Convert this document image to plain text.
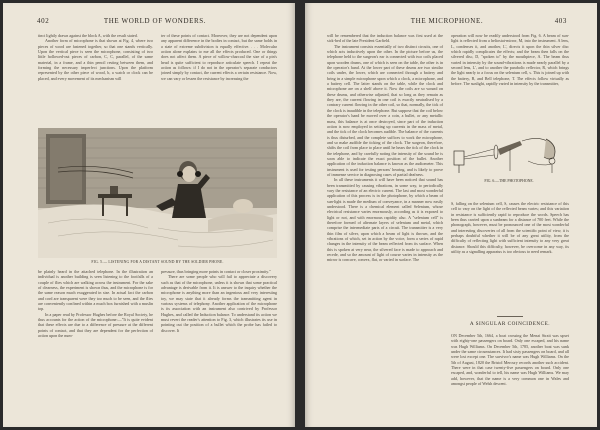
402	THE WORLD OF WONDERS.

tinct lightly drawn against the block A, with the result stated.

Another form of microphone is that shown at Fig. 4, where two pieces of wood are fastened together, so that one stands vertically. Upon the vertical piece is seen the microphone, consisting of two little hollowed-out pieces of carbon, C, C, parallel, of the same material, in a frame, and a thin pencil resting between them, and forming the necessary imperfect junctions. Upon the platform represented by the other piece of wood, b, a watch or clock can be placed, and every movement of its mechanism will

ter of these points of contact. Moreover, they are not dependent upon any apparent difference in the bodies in contact, but the same holds in a state of extreme subdivision is equally effective. . . . Molecular action alone explains to me all the effects produced. One or things does not affect them. A piece of willow-charcoal the size of a pin's head is quite sufficient to reproduce articulate speech. I repeat the action as follows: if I do not in the operator's separate conductors joined simply by contact, the current effects a certain resistance. Now, we can vary or lessen the resistance by increasing the

FIG. 5.— LISTENING FOR A DISTANT SOUND BY THE SOLDIER PHONE.

be plainly heard in the attached telephone. In the illustration an individual is another building is seen listening to the footfalls of a couple of flies which are walking across the instrument. For the sake of clearness, the experiment is shown thus, and the microphone is for the same reason much exaggerated in size. In actual fact the carbon and cord are transparent were they too much to be seen, and the flies are conveniently confined within a much box furnished with a muslin top.

In a paper read by Professor Hughes before the Royal Society, he thus accounts for the action of the microphone:—"It is quite evident that these effects are due to a difference of pressure at the different points of contact, and that they are dependent for the perfection of action upon the num-

pressure, thus bringing more points in contact or closer proximity."

There are some people who will fail to appreciate a discovery such as that of the microphone, unless it is shown that some practical advantage is derivable from it. It is answer to the inquiry whether the microphone is anything more than an ingenious and very interesting toy, we may state that it already forms the transmitting agent in various systems of telephony. Another application of the microphone is its association with an instrument also contrived by Professor Hughes, and called the Induction balance. To understand its action we must revert the reader's attention to Fig. 3, which illustrates its use in pointing out the position of a bullet which the probe has failed to discover. It

THE MICROPHONE.	403

will be remembered that the induction balance was first used at the sick-bed of the late President Garfield.

The instrument consists essentially of two distinct circuits, one of which acts inductively upon the other. In the picture before us, the telephone held to the surgeon's ear is connected with two coils placed upon wooden drums, one of which is seen on the table, the other is in the operator's hand. At the lower part of these drums are two similar coils under, the lower, which are connected through a battery and bring in a simple microphone upon which a clock, a microphone, and a battery cell. The latter stands on the table, while the clock and microphone are on a shelf above it. Now the coils are so wound on these drums, and otherwise adjusted, that so long as they remain as they are, the current flowing in one coil is exactly neutralised by a contrary current flowing in the other coil, so that, normally, the tick of the clock is inaudible in the telephone. But suppose that the coil below the operator's hand be moved over a coin, a bullet, or any metallic mass, this balance is at once destroyed, since part of the induction action is now employed in setting up currents in the mass of metal, and the tick of the clock becomes audible. The balance of the currents is thus disturbed, and the complete suffices to work the microphone, and so make audible the ticking of the clock. The surgeon, therefore, shifts the coil from place to place until he hears the tick of the clock in the telephone, and by carefully noting the intensity of the sound he is soon able to indicate the exact position of the bullet. Another application of the induction balance is known as the audiometer. This instrument is used for testing persons' hearing, and is likely to prove of immense service in diagnosing cases of partial deafness.

In all these instruments it will have been noticed that sound has been transmitted by causing vibrations, in some way, to periodically vary the resistance of an electric current. The last and most wonderful application of this process is in the photophone, by which a beam of sun-light is made the medium of conveyance, in a manner now easily understood. There is a chemical element called Selenium, whose electrical resistance varies enormously, according as it is exposed to light or not, and with enormous rapidity also. A "selenium cell" is therefore formed of alternate layers of selenium and metal, which comprise the intermediate parts of a circuit. The transmitter is a very thin film of silver, upon which a beam of light is thrown, and the vibrations of which, set in action by the voice, form a series of rapid changes in the intensity of the beam reflected from its surface. When this is spoken at very near, the silvered face is made to approach and recede, and so the amount of light of course varies in intensity as the mirror is concave, convex, flat, or varied in surface. The

operation will now be readily understood from Fig. 6. A beam of sun-light is reflected from a heliostat-mirror, M, into the instrument. A lens, L, condenses it, and another, L', directs it upon the thin silver disc which rapidly complicates the effects; and the beam then falls on the silvered disc, D, "spoken to" by the mouthpiece, A. The beam thus varied in intensity by the sound-vibrations is made nearly parallel by a second lens, L', and to another the parabolic reflector, R, which brings the light nearly to a focus on the selenium cell, s. This is joined up with the battery, B, and Bell telephone, T. The effects follow virtually as before. The sunlight, rapidly varied in intensity by the transmitter,

FIG. 6.—THE PHOTOPHONE.

S, falling on the selenium cell, S, causes the electric resistance of this cell to vary on the light of the reflected beam varies; and this variation in resistance is sufficiently rapid to reproduce the words. Speech has been thus carried upon a sunbeam for a distance of 700 feet. While the phonograph, however, must be pronounced one of the most wonderful and interesting discoveries of all from the scientific point of view, it is perhaps doubtful whether it will be of any great utility, from the difficulty of reflecting light with sufficient intensity to any very great distance. Should this difficulty, however, be overcome in any way, its utility as a signalling apparatus is too obvious to need remark.

A SINGULAR COINCIDENCE.

ON December 5th, 1664, a boat crossing the Menai Strait was upset with eighty-one passengers on board. Only one escaped, and his name was Hugh Williams. On December 5th, 1785, another boat was sunk under the same circumstances. It had sixty passengers on board, and all were lost except one. The survivor's name was Hugh Williams. On the 5th of August, 1820 the Bristol Mercury records another such accident. There were in that case twenty-five passengers on board. Only one escaped, and, wonderful to tell, his name was Hugh Williams. We may add, however, that the name is a very common one in Wales and amongst people of Welsh descent.
